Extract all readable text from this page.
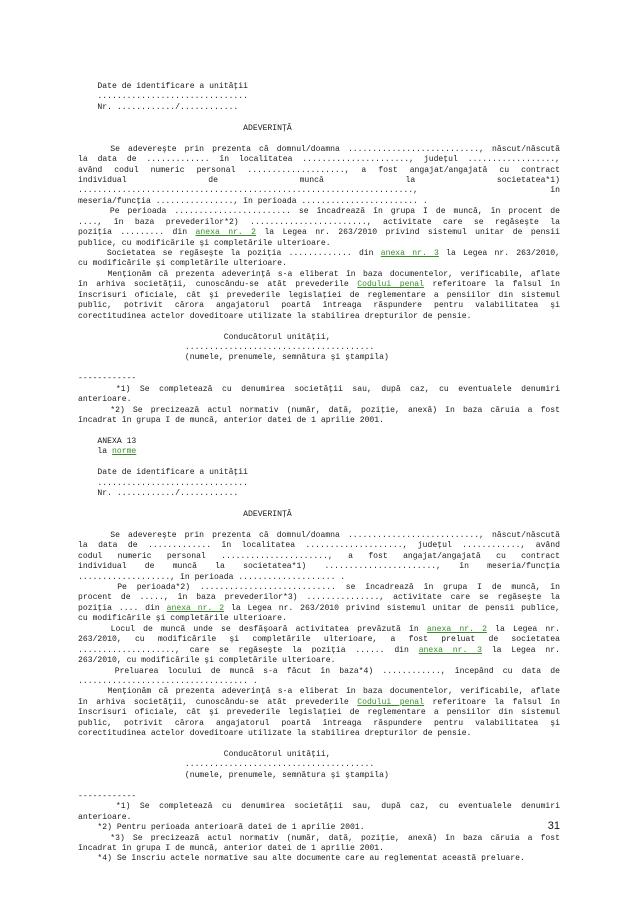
Date de identificare a unităţii
...............................
Nr. ............/............
ADEVERINŢĂ
Se adevereşte prin prezenta că domnul/doamna ..........................., născut/născută
la data de ............. în localitatea ......................, judeţul ..................,
având codul numeric personal ...................., a fost angajat/angajată cu contract
individual de muncă la societatea*1)
....................................................................., în
meseria/funcţia ................, în perioada ........................ .
Pe perioada ........................ se încadrează în grupa I de muncă, în procent de
...., în baza prevederilor*2) ........................, activitate care se regăseşte la
poziţia ......... din anexa nr. 2 la Legea nr. 263/2010 privind sistemul unitar de pensii
publice, cu modificările şi completările ulterioare.
Societatea se regăseşte la poziţia ............. din anexa nr. 3 la Legea nr. 263/2010,
cu modificările şi completările ulterioare.
Menţionăm că prezenta adeverinţă s-a eliberat în baza documentelor, verificabile, aflate
în arhiva societăţii, cunoscându-se atât prevederile Codului penal referitoare la falsul în
înscrisuri oficiale, cât şi prevederile legislaţiei de reglementare a pensiilor din sistemul
public, potrivit cărora angajatorul poartă întreaga răspundere pentru valabilitatea şi
corectitudinea actelor doveditoare utilizate la stabilirea drepturilor de pensie.
Conducătorul unităţii,
.......................................
(numele, prenumele, semnătura şi ştampila)
------------
*1) Se completează cu denumirea societăţii sau, după caz, cu eventualele denumiri
anterioare.
*2) Se precizează actul normativ (număr, dată, poziţie, anexă) în baza căruia a fost
încadrat în grupa I de muncă, anterior datei de 1 aprilie 2001.
ANEXA 13
la norme
Date de identificare a unităţii
...............................
Nr. ............/............
ADEVERINŢĂ
Se adevereşte prin prezenta că domnul/doamna ..........................., născut/născută
la data de ............. în localitatea ...................., judeţul ............, având
codul numeric personal ......................, a fost angajat/angajată cu contract
individual de muncă la societatea*1) ......................., în meseria/funcţia
..................., în perioada .................... .
Pe perioada*2) ............................ se încadrează în grupa I de muncă, în
procent de ....., în baza prevederilor*3) ..............., activitate care se regăseşte la
poziţia .... din anexa nr. 2 la Legea nr. 263/2010 privind sistemul unitar de pensii publice,
cu modificările şi completările ulterioare.
Locul de muncă unde se desfăşoară activitatea prevăzută în anexa nr. 2 la Legea nr.
263/2010, cu modificările şi completările ulterioare, a fost preluat de societatea
...................., care se regăseşte la poziţia ...... din anexa nr. 3 la Legea nr.
263/2010, cu modificările şi completările ulterioare.
Preluarea locului de muncă s-a făcut în baza*4) ............, începând cu data de
................................... .
Menţionăm că prezenta adeverinţă s-a eliberat în baza documentelor, verificabile, aflate
în arhiva societăţii, cunoscându-se atât prevederile Codului penal referitoare la falsul în
înscrisuri oficiale, cât şi prevederile legislaţiei de reglementare a pensiilor din sistemul
public, potrivit cărora angajatorul poartă întreaga răspundere pentru valabilitatea şi
corectitudinea actelor doveditoare utilizate la stabilirea drepturilor de pensie.
Conducătorul unităţii,
.......................................
(numele, prenumele, semnătura şi ştampila)
------------
*1) Se completează cu denumirea societăţii sau, după caz, cu eventualele denumiri
anterioare.
*2) Pentru perioada anterioară datei de 1 aprilie 2001.
*3) Se precizează actul normativ (număr, dată, poziţie, anexă) în baza căruia a fost
încadrat în grupa I de muncă, anterior datei de 1 aprilie 2001.
*4) Se înscriu actele normative sau alte documente care au reglementat această preluare.
31
